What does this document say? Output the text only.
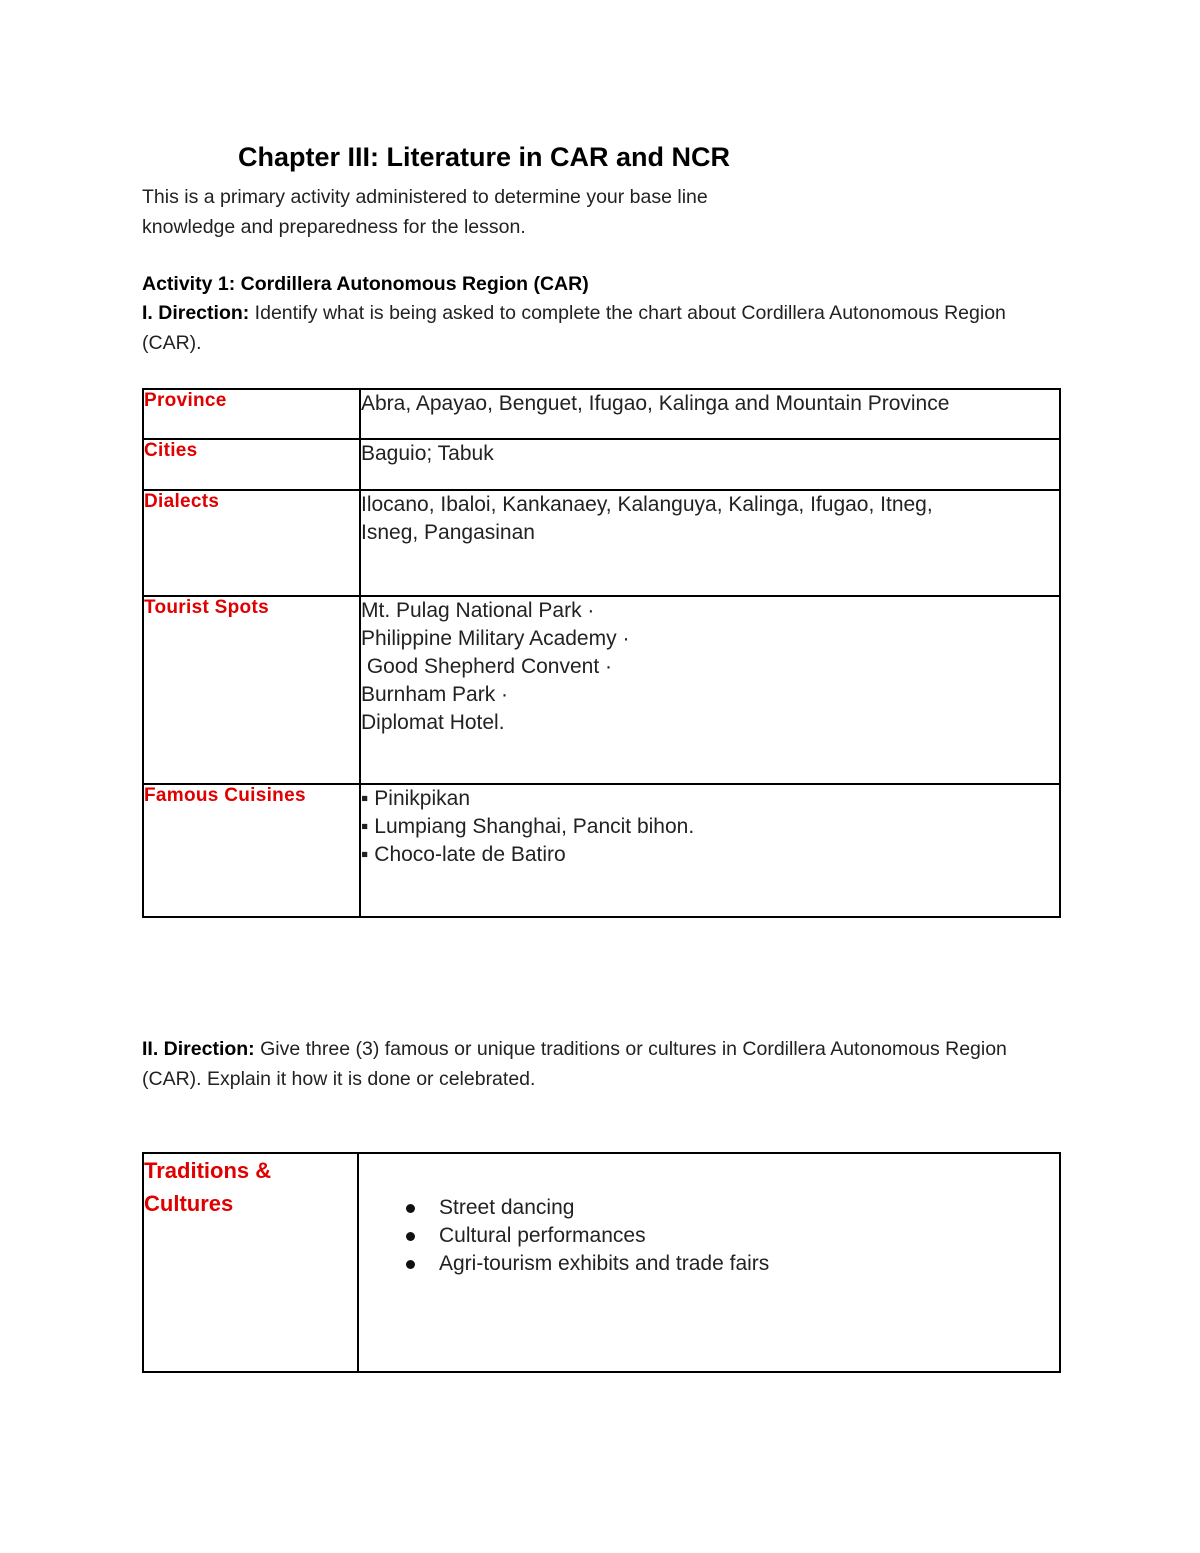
Chapter III: Literature in CAR and NCR
This is a primary activity administered to determine your base line
knowledge and preparedness for the lesson.
Activity 1: Cordillera Autonomous Region (CAR)
I. Direction: Identify what is being asked to complete the chart about Cordillera Autonomous Region (CAR).
Province	Abra, Apayao, Benguet, Ifugao, Kalinga and Mountain Province

Cities	Baguio; Tabuk

Dialects	Ilocano, Ibaloi, Kankanaey, Kalanguya, Kalinga, Ifugao, Itneg,
Isneg, Pangasinan

Tourist Spots	Mt. Pulag National Park ·
Philippine Military Academy ·
Good Shepherd Convent ·
Burnham Park ·
Diplomat Hotel.

Famous Cuisines	▪ Pinikpikan
▪ Lumpiang Shanghai, Pancit bihon.
▪ Choco-late de Batiro
II. Direction: Give three (3) famous or unique traditions or cultures in Cordillera Autonomous Region (CAR). Explain it how it is done or celebrated.
Traditions &
Cultures	Street dancing
Cultural performances
Agri-tourism exhibits and trade fairs
